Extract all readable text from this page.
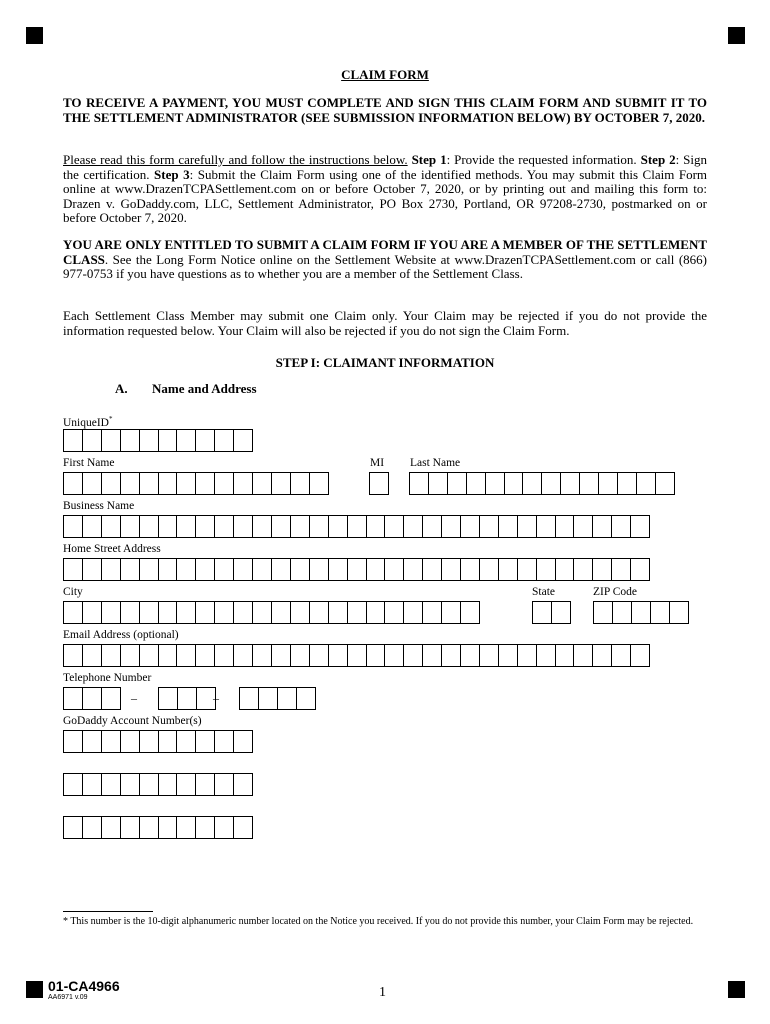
CLAIM FORM
TO RECEIVE A PAYMENT, YOU MUST COMPLETE AND SIGN THIS CLAIM FORM AND SUBMIT IT TO THE SETTLEMENT ADMINISTRATOR (SEE SUBMISSION INFORMATION BELOW) BY OCTOBER 7, 2020.
Please read this form carefully and follow the instructions below. Step 1: Provide the requested information. Step 2: Sign the certification. Step 3: Submit the Claim Form using one of the identified methods. You may submit this Claim Form online at www.DrazenTCPASettlement.com on or before October 7, 2020, or by printing out and mailing this form to: Drazen v. GoDaddy.com, LLC, Settlement Administrator, PO Box 2730, Portland, OR 97208-2730, postmarked on or before October 7, 2020.
YOU ARE ONLY ENTITLED TO SUBMIT A CLAIM FORM IF YOU ARE A MEMBER OF THE SETTLEMENT CLASS. See the Long Form Notice online on the Settlement Website at www.DrazenTCPASettlement.com or call (866) 977-0753 if you have questions as to whether you are a member of the Settlement Class.
Each Settlement Class Member may submit one Claim only. Your Claim may be rejected if you do not provide the information requested below. Your Claim will also be rejected if you do not sign the Claim Form.
STEP I: CLAIMANT INFORMATION
A. Name and Address
UniqueID*
First Name	MI Last Name
Business Name
Home Street Address
City	State	ZIP Code
Email Address (optional)
Telephone Number
–	–
GoDaddy Account Number(s)
* This number is the 10-digit alphanumeric number located on the Notice you received. If you do not provide this number, your Claim Form may be rejected.
01-CA4966
AA6971 v.09	1
